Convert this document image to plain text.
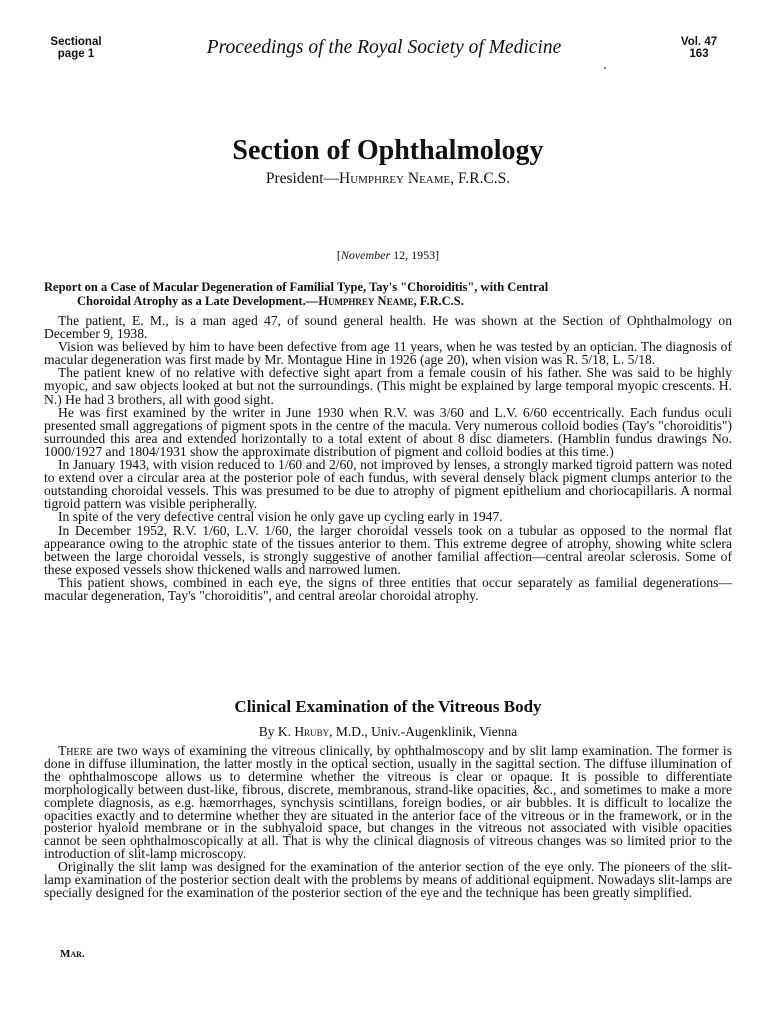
Sectional
page 1	Proceedings of the Royal Society of Medicine	Vol. 47
163
Section of Ophthalmology
President—Humphrey Neame, F.R.C.S.
[November 12, 1953]
Report on a Case of Macular Degeneration of Familial Type, Tay's "Choroiditis", with Central
Choroidal Atrophy as a Late Development.—Humphrey Neame, F.R.C.S.

The patient, E. M., is a man aged 47, of sound general health. He was shown at the Section of Ophthalmology on December 9, 1938.

Vision was believed by him to have been defective from age 11 years, when he was tested by an optician. The diagnosis of macular degeneration was first made by Mr. Montague Hine in 1926 (age 20), when vision was R. 5/18, L. 5/18.

The patient knew of no relative with defective sight apart from a female cousin of his father. She was said to be highly myopic, and saw objects looked at but not the surroundings. (This might be explained by large temporal myopic crescents. H. N.) He had 3 brothers, all with good sight.

He was first examined by the writer in June 1930 when R.V. was 3/60 and L.V. 6/60 eccentrically. Each fundus oculi presented small aggregations of pigment spots in the centre of the macula. Very numerous colloid bodies (Tay's "choroiditis") surrounded this area and extended horizontally to a total extent of about 8 disc diameters. (Hamblin fundus drawings No. 1000/1927 and 1804/1931 show the approximate distribution of pigment and colloid bodies at this time.)

In January 1943, with vision reduced to 1/60 and 2/60, not improved by lenses, a strongly marked tigroid pattern was noted to extend over a circular area at the posterior pole of each fundus, with several densely black pigment clumps anterior to the outstanding choroidal vessels. This was presumed to be due to atrophy of pigment epithelium and choriocapillaris. A normal tigroid pattern was visible peripherally.

In spite of the very defective central vision he only gave up cycling early in 1947.

In December 1952, R.V. 1/60, L.V. 1/60, the larger choroidal vessels took on a tubular as opposed to the normal flat appearance owing to the atrophic state of the tissues anterior to them. This extreme degree of atrophy, showing white sclera between the large choroidal vessels, is strongly suggestive of another familial affection—central areolar sclerosis. Some of these exposed vessels show thickened walls and narrowed lumen.

This patient shows, combined in each eye, the signs of three entities that occur separately as familial degenerations—macular degeneration, Tay's "choroiditis", and central areolar choroidal atrophy.

Clinical Examination of the Vitreous Body
By K. Hruby, M.D., Univ.-Augenklinik, Vienna

There are two ways of examining the vitreous clinically, by ophthalmoscopy and by slit lamp examination. The former is done in diffuse illumination, the latter mostly in the optical section, usually in the sagittal section. The diffuse illumination of the ophthalmoscope allows us to determine whether the vitreous is clear or opaque. It is possible to differentiate morphologically between dust-like, fibrous, discrete, membranous, strand-like opacities, &c., and sometimes to make a more complete diagnosis, as e.g. hæmorrhages, synchysis scintillans, foreign bodies, or air bubbles. It is difficult to localize the opacities exactly and to determine whether they are situated in the anterior face of the vitreous or in the framework, or in the posterior hyaloid membrane or in the subhyaloid space, but changes in the vitreous not associated with visible opacities cannot be seen ophthalmoscopically at all. That is why the clinical diagnosis of vitreous changes was so limited prior to the introduction of slit-lamp microscopy.

Originally the slit lamp was designed for the examination of the anterior section of the eye only. The pioneers of the slit-lamp examination of the posterior section dealt with the problems by means of additional equipment. Nowadays slit-lamps are specially designed for the examination of the posterior section of the eye and the technique has been greatly simplified.

Mar.
